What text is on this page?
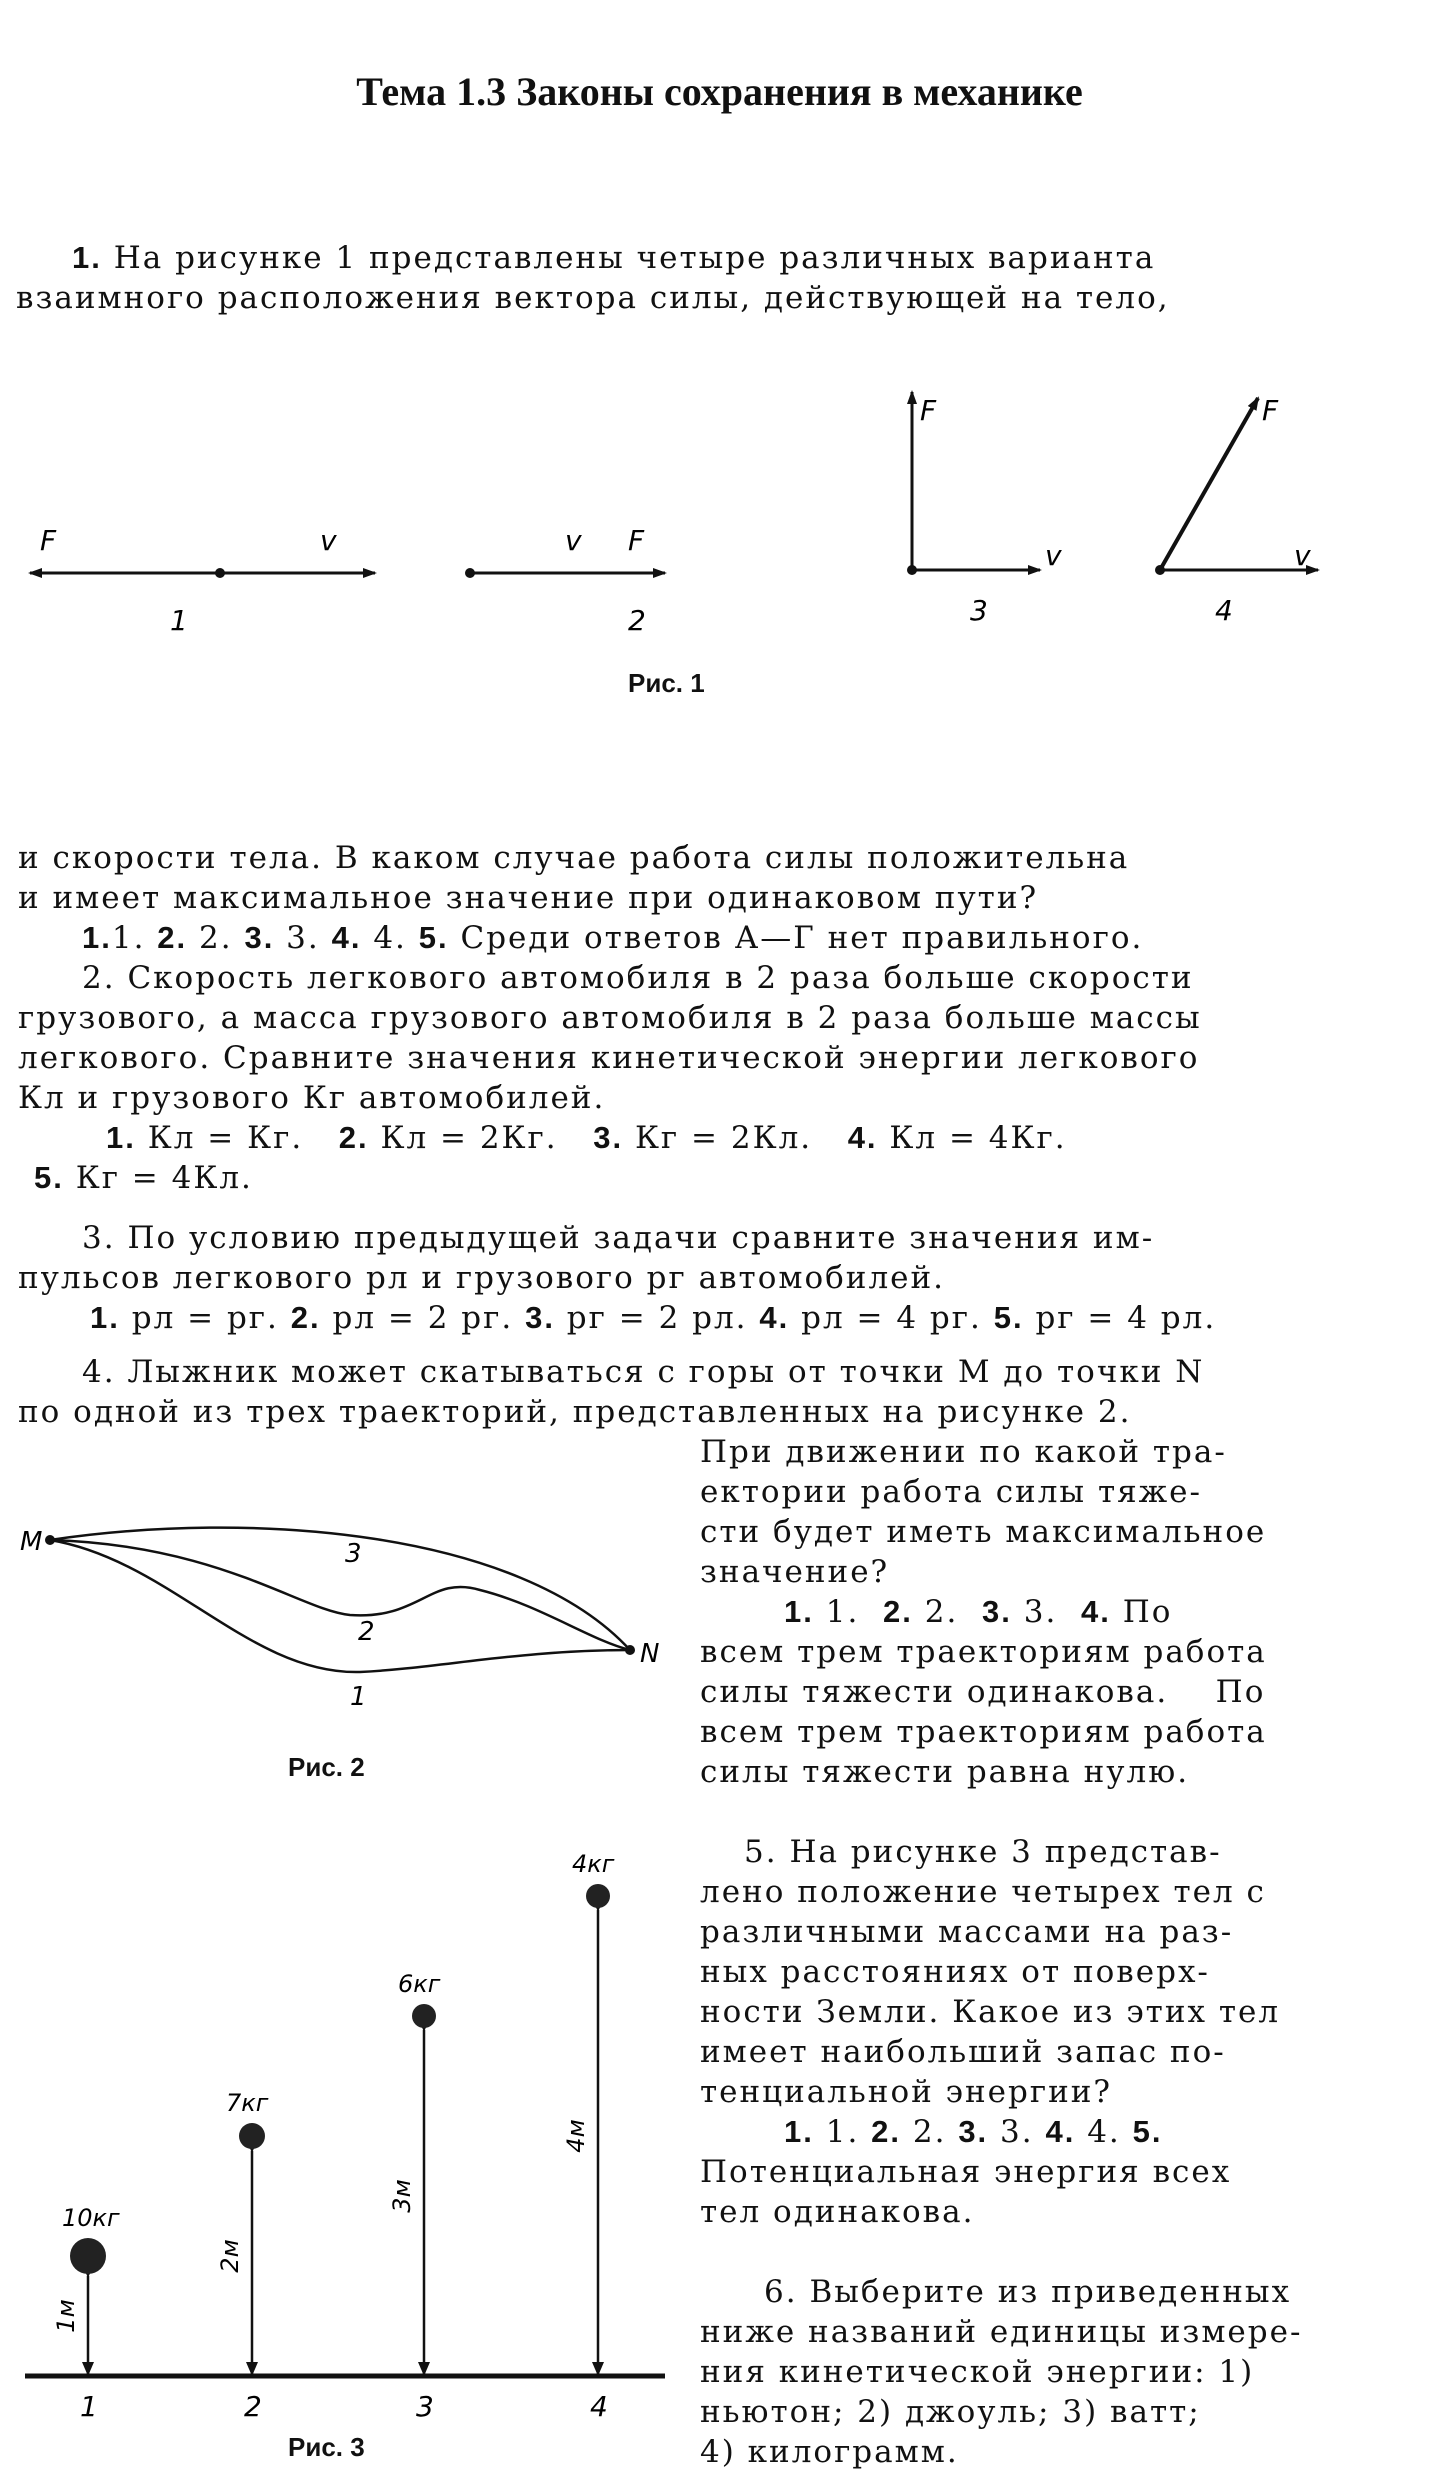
Тема 1.3 Законы сохранения в механике
1. На рисунке 1 представлены четыре различных варианта
взаимного расположения вектора силы, действующей на тело,
F	v
1
v F
2
F
v
3
F
v
4
Рис. 1
и скорости тела. В каком случае работа силы положительна
и имеет максимальное значение при одинаковом пути?
1.1. 2. 2. 3. 3. 4. 4. 5. Среди ответов А—Г нет правильного.
2. Скорость легкового автомобиля в 2 раза больше скорости
грузового, а масса грузового автомобиля в 2 раза больше массы
легкового. Сравните значения кинетической энергии легкового
Кл и грузового Кг автомобилей.
1. Кл = Кг. 2. Кл = 2Кг. 3. Кг = 2Кл. 4. Кл = 4Кг.
5. Кг = 4Кл.
3. По условию предыдущей задачи сравните значения им-
пульсов легкового pл и грузового pг автомобилей.
1. pл = pг. 2. pл = 2 pг. 3. pг = 2 pл. 4. pл = 4 pг. 5. pг = 4 pл.
4. Лыжник может скатываться с горы от точки M до точки N
по одной из трех траекторий, представленных на рисунке 2.
При движении по какой тра-
ектории работа силы тяже-
сти будет иметь максимальное
значение?
1. 1. 2. 2. 3. 3. 4. По
всем трем траекториям работа
силы тяжести одинакова. По
всем трем траекториям работа
силы тяжести равна нулю.
M
N
3
2
1
Рис. 2
5. На рисунке 3 представ-
лено положение четырех тел с
различными массами на раз-
ных расстояниях от поверх-
ности Земли. Какое из этих тел
имеет наибольший запас по-
тенциальной энергии?
1. 1. 2. 2. 3. 3. 4. 4. 5.
Потенциальная энергия всех
тел одинакова.
6. Выберите из приведенных
ниже названий единицы измере-
ния кинетической энергии: 1)
ньютон; 2) джоуль; 3) ватт;
4) килограмм.
10кг
1м
1
7кг
2м
2
6кг
3м
3
4кг
4м
4
Рис. 3
